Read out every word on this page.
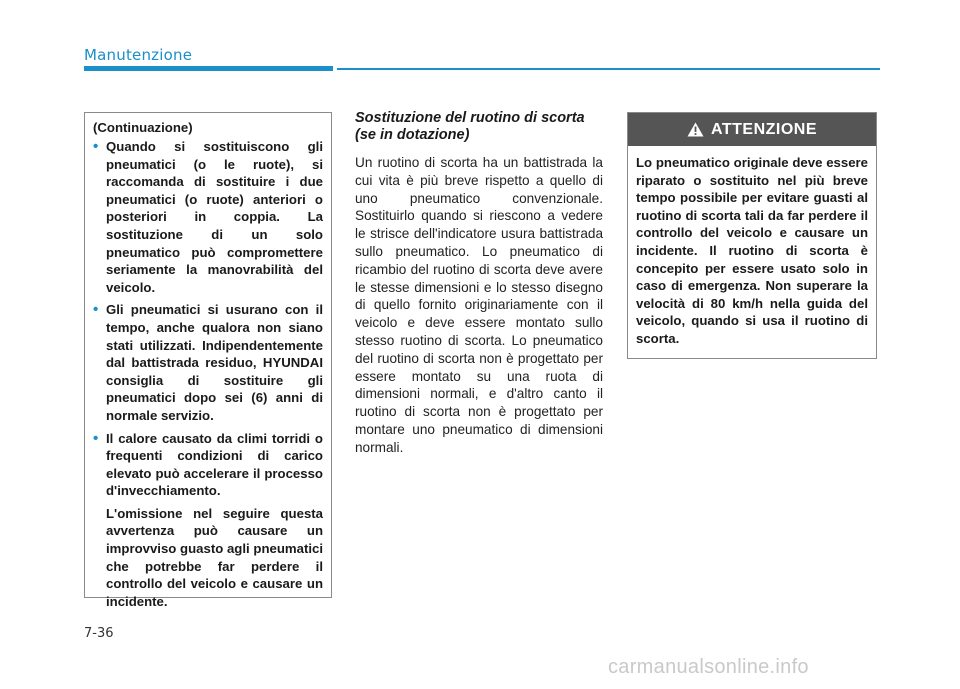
Manutenzione

(Continuazione)

• Quando si sostituiscono gli pneumatici (o le ruote), si raccomanda di sostituire i due pneumatici (o ruote) anteriori o posteriori in coppia. La sostituzione di un solo pneumatico può compromettere seriamente la manovrabilità del veicolo.
• Gli pneumatici si usurano con il tempo, anche qualora non siano stati utilizzati. Indipendentemente dal battistrada residuo, HYUNDAI consiglia di sostituire gli pneumatici dopo sei (6) anni di normale servizio.
• Il calore causato da climi torridi o frequenti condizioni di carico elevato può accelerare il processo d'invecchiamento.

L'omissione nel seguire questa avvertenza può causare un improvviso guasto agli pneumatici che potrebbe far perdere il controllo del veicolo e causare un incidente.

Sostituzione del ruotino di scorta (se in dotazione)

Un ruotino di scorta ha un battistrada la cui vita è più breve rispetto a quello di uno pneumatico convenzionale. Sostituirlo quando si riescono a vedere le strisce dell'indicatore usura battistrada sullo pneumatico. Lo pneumatico di ricambio del ruotino di scorta deve avere le stesse dimensioni e lo stesso disegno di quello fornito originariamente con il veicolo e deve essere montato sullo stesso ruotino di scorta. Lo pneumatico del ruotino di scorta non è progettato per essere montato su una ruota di dimensioni normali, e d'altro canto il ruotino di scorta non è progettato per montare uno pneumatico di dimensioni normali.

ATTENZIONE

Lo pneumatico originale deve essere riparato o sostituito nel più breve tempo possibile per evitare guasti al ruotino di scorta tali da far perdere il controllo del veicolo e causare un incidente. Il ruotino di scorta è concepito per essere usato solo in caso di emergenza. Non superare la velocità di 80 km/h nella guida del veicolo, quando si usa il ruotino di scorta.

7-36
carmanualsonline.info
